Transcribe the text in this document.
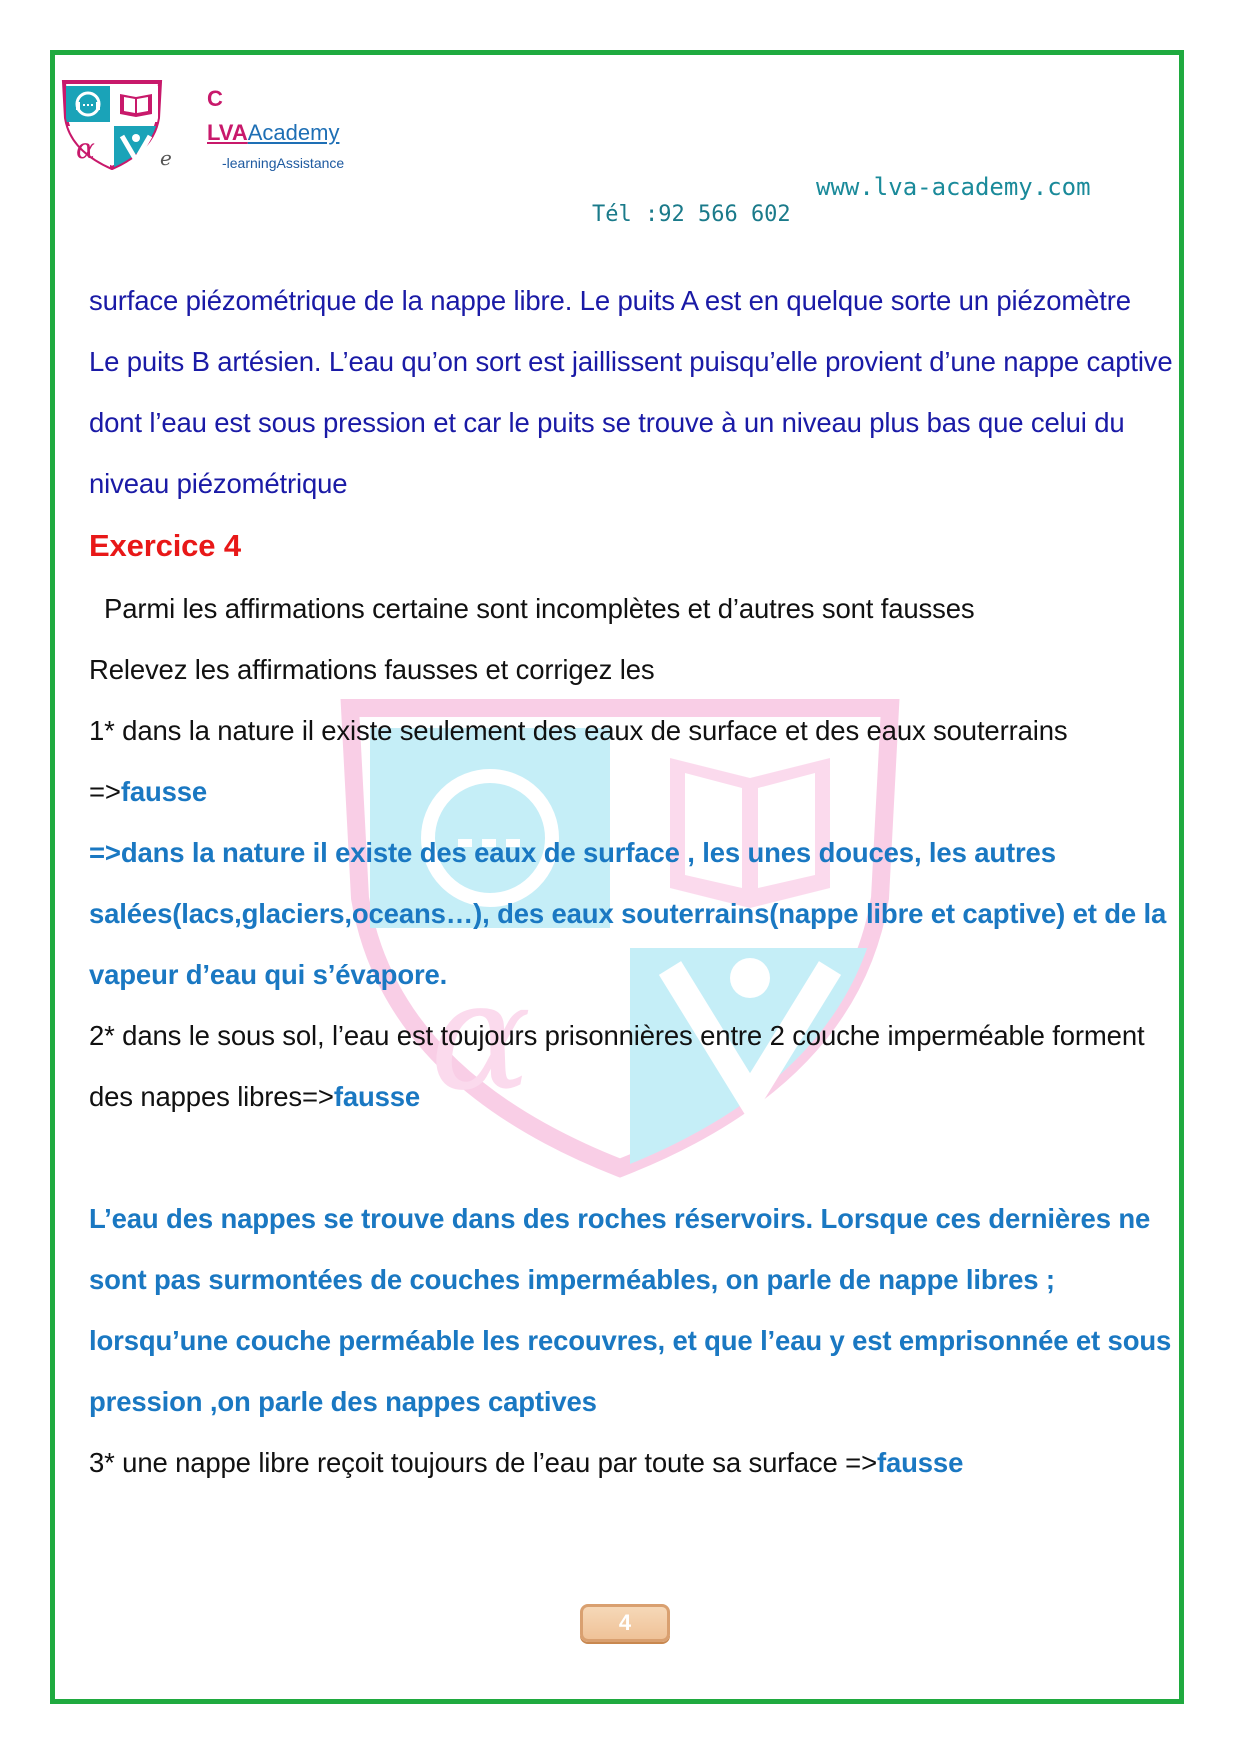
α	e
C
LVAAcademy
-learningAssistance
www.lva-academy.com
Tél :92 566 602
α

surface piézométrique de la nappe libre. Le puits A est en quelque sorte un piézomètre

Le puits B artésien. L’eau qu’on sort est jaillissent puisqu’elle provient d’une nappe captive dont l’eau est sous pression et car le puits se trouve à un niveau plus bas que celui du niveau piézométrique

Exercice 4

Parmi les affirmations certaine sont incomplètes et d’autres sont fausses

Relevez les affirmations fausses et corrigez les

1* dans la nature il existe seulement des eaux de surface et des eaux souterrains =>fausse

=>dans la nature il existe des eaux de surface , les unes douces, les autres salées(lacs,glaciers,oceans…), des eaux souterrains(nappe libre et captive) et de la vapeur d’eau qui s’évapore.

2* dans le sous sol, l’eau est toujours prisonnières entre 2 couche imperméable forment des nappes libres=>fausse

L’eau des nappes se trouve dans des roches réservoirs. Lorsque ces dernières ne sont pas surmontées de couches imperméables, on parle de nappe libres ; lorsqu’une couche perméable les recouvres, et que l’eau y est emprisonnée et sous pression ,on parle des nappes captives

3* une nappe libre reçoit toujours de l’eau par toute sa surface =>fausse

4
